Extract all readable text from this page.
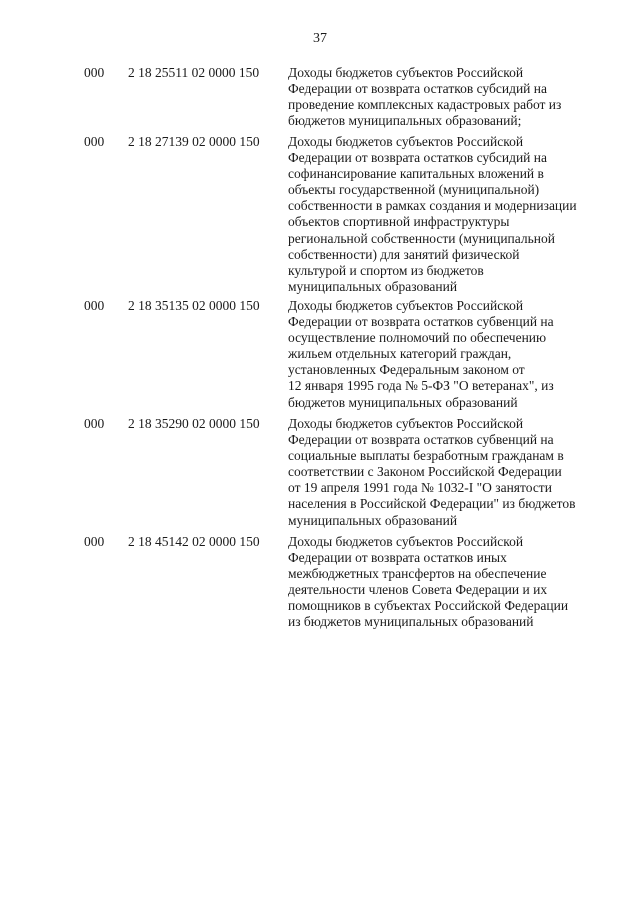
37
000	2 18 25511 02 0000 150	Доходы бюджетов субъектов Российской
Федерации от возврата остатков субсидий на
проведение комплексных кадастровых работ из
бюджетов муниципальных образований;
000	2 18 27139 02 0000 150	Доходы бюджетов субъектов Российской
Федерации от возврата остатков субсидий на
софинансирование капитальных вложений в
объекты государственной (муниципальной)
собственности в рамках создания и модернизации
объектов спортивной инфраструктуры
региональной собственности (муниципальной
собственности) для занятий физической
культурой и спортом из бюджетов
муниципальных образований
000	2 18 35135 02 0000 150	Доходы бюджетов субъектов Российской
Федерации от возврата остатков субвенций на
осуществление полномочий по обеспечению
жильем отдельных категорий граждан,
установленных Федеральным законом от
12 января 1995 года № 5-ФЗ "О ветеранах", из
бюджетов муниципальных образований
000	2 18 35290 02 0000 150	Доходы бюджетов субъектов Российской
Федерации от возврата остатков субвенций на
социальные выплаты безработным гражданам в
соответствии с Законом Российской Федерации
от 19 апреля 1991 года № 1032-I "О занятости
населения в Российской Федерации" из бюджетов
муниципальных образований
000	2 18 45142 02 0000 150	Доходы бюджетов субъектов Российской
Федерации от возврата остатков иных
межбюджетных трансфертов на обеспечение
деятельности членов Совета Федерации и их
помощников в субъектах Российской Федерации
из бюджетов муниципальных образований
